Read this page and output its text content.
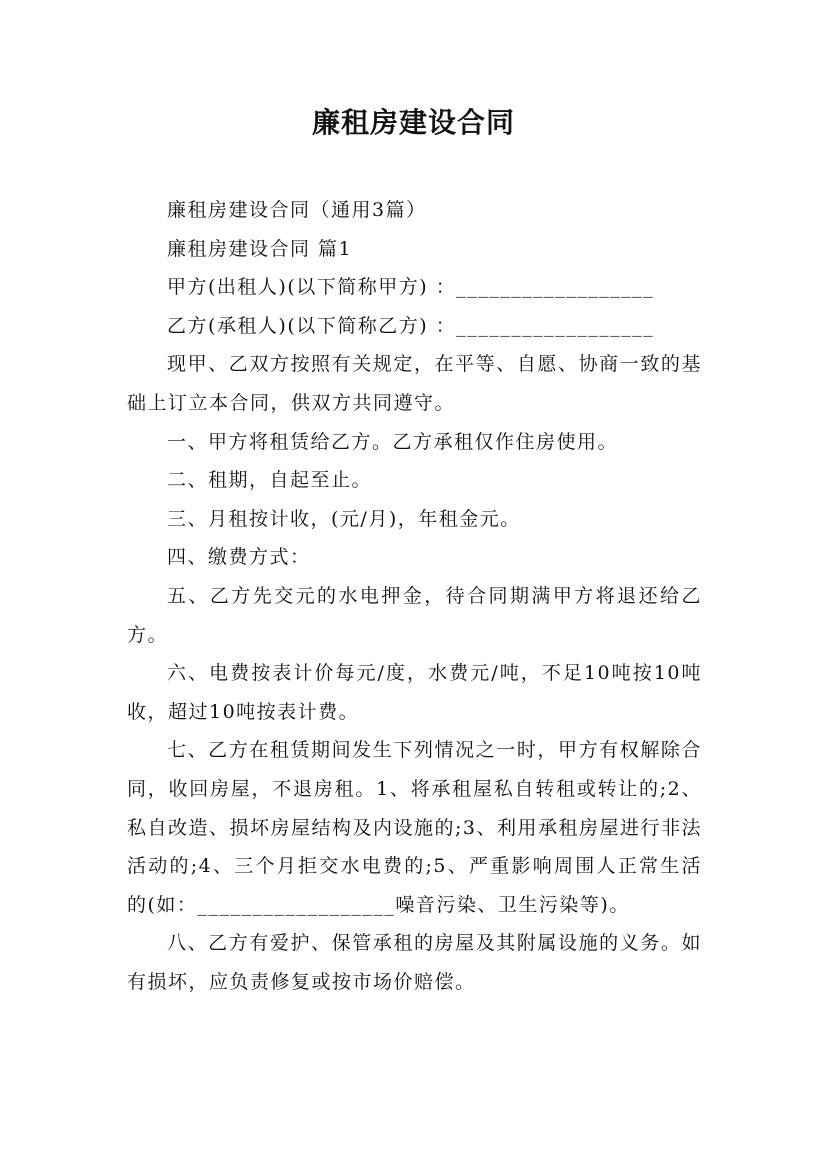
廉租房建设合同

廉租房建设合同（通用3篇）

廉租房建设合同 篇1

甲方(出租人)(以下简称甲方) ：__________________

乙方(承租人)(以下简称乙方) ：__________________

现甲、乙双方按照有关规定，在平等、自愿、协商一致的基础上订立本合同，供双方共同遵守。

一、甲方将租赁给乙方。乙方承租仅作住房使用。

二、租期，自起至止。

三、月租按计收，(元/月)，年租金元。

四、缴费方式：

五、乙方先交元的水电押金，待合同期满甲方将退还给乙方。

六、电费按表计价每元/度，水费元/吨，不足10吨按10吨收，超过10吨按表计费。

七、乙方在租赁期间发生下列情况之一时，甲方有权解除合同，收回房屋，不退房租。1、将承租屋私自转租或转让的;2、私自改造、损坏房屋结构及内设施的;3、利用承租房屋进行非法活动的;4、三个月拒交水电费的;5、严重影响周围人正常生活的(如：__________________噪音污染、卫生污染等)。

八、乙方有爱护、保管承租的房屋及其附属设施的义务。如有损坏，应负责修复或按市场价赔偿。
